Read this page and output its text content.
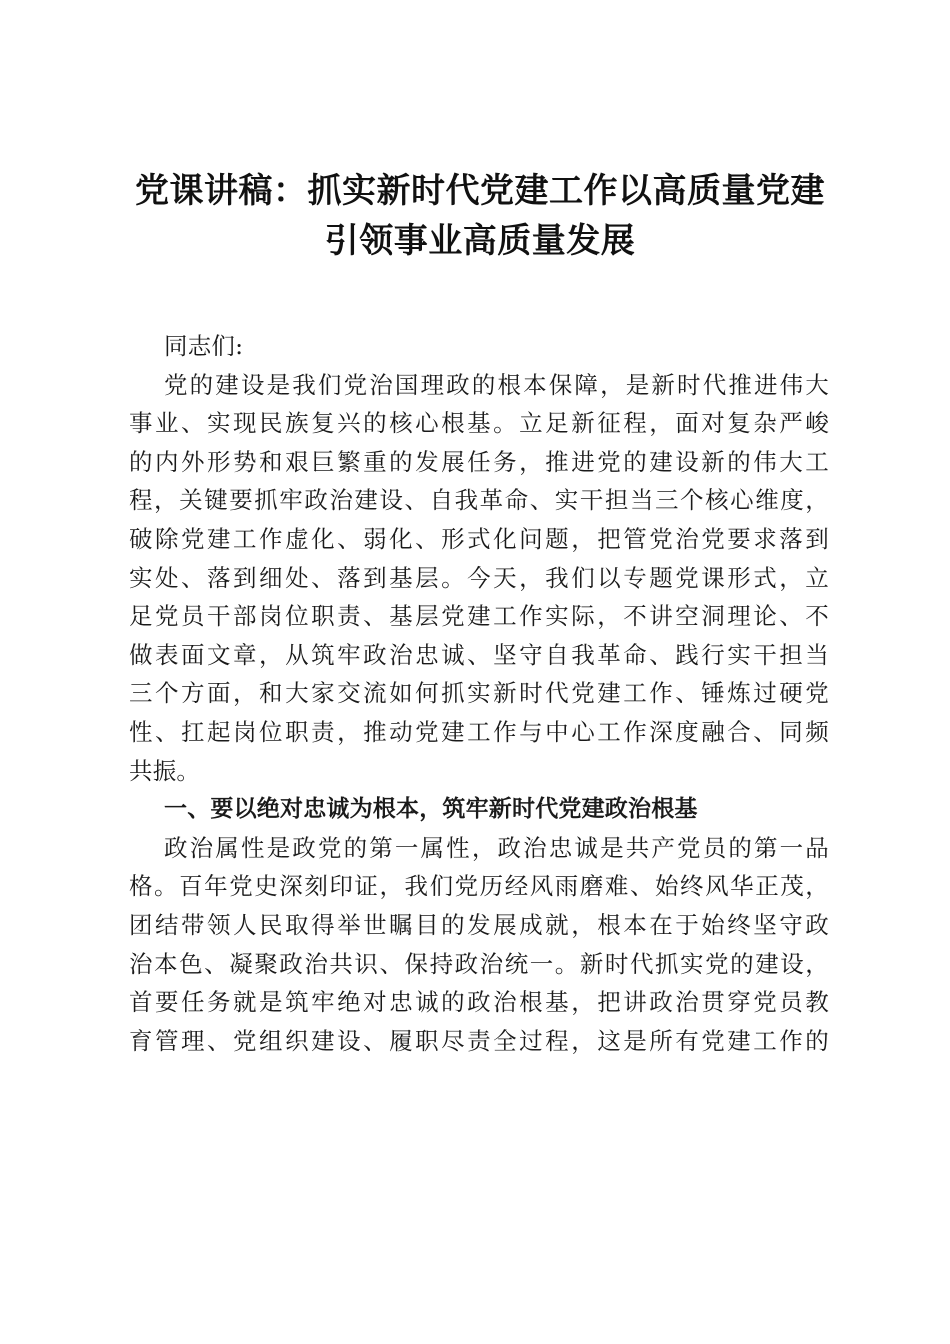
党课讲稿：抓实新时代党建工作以高质量党建
引领事业高质量发展
同志们:
党的建设是我们党治国理政的根本保障，是新时代推进伟大
事业、实现民族复兴的核心根基。立足新征程，面对复杂严峻
的内外形势和艰巨繁重的发展任务，推进党的建设新的伟大工
程，关键要抓牢政治建设、自我革命、实干担当三个核心维度，
破除党建工作虚化、弱化、形式化问题，把管党治党要求落到
实处、落到细处、落到基层。今天，我们以专题党课形式，立
足党员干部岗位职责、基层党建工作实际，不讲空洞理论、不
做表面文章，从筑牢政治忠诚、坚守自我革命、践行实干担当
三个方面，和大家交流如何抓实新时代党建工作、锤炼过硬党
性、扛起岗位职责，推动党建工作与中心工作深度融合、同频
共振。
一、要以绝对忠诚为根本，筑牢新时代党建政治根基
政治属性是政党的第一属性，政治忠诚是共产党员的第一品
格。百年党史深刻印证，我们党历经风雨磨难、始终风华正茂，
团结带领人民取得举世瞩目的发展成就，根本在于始终坚守政
治本色、凝聚政治共识、保持政治统一。新时代抓实党的建设，
首要任务就是筑牢绝对忠诚的政治根基，把讲政治贯穿党员教
育管理、党组织建设、履职尽责全过程，这是所有党建工作的
